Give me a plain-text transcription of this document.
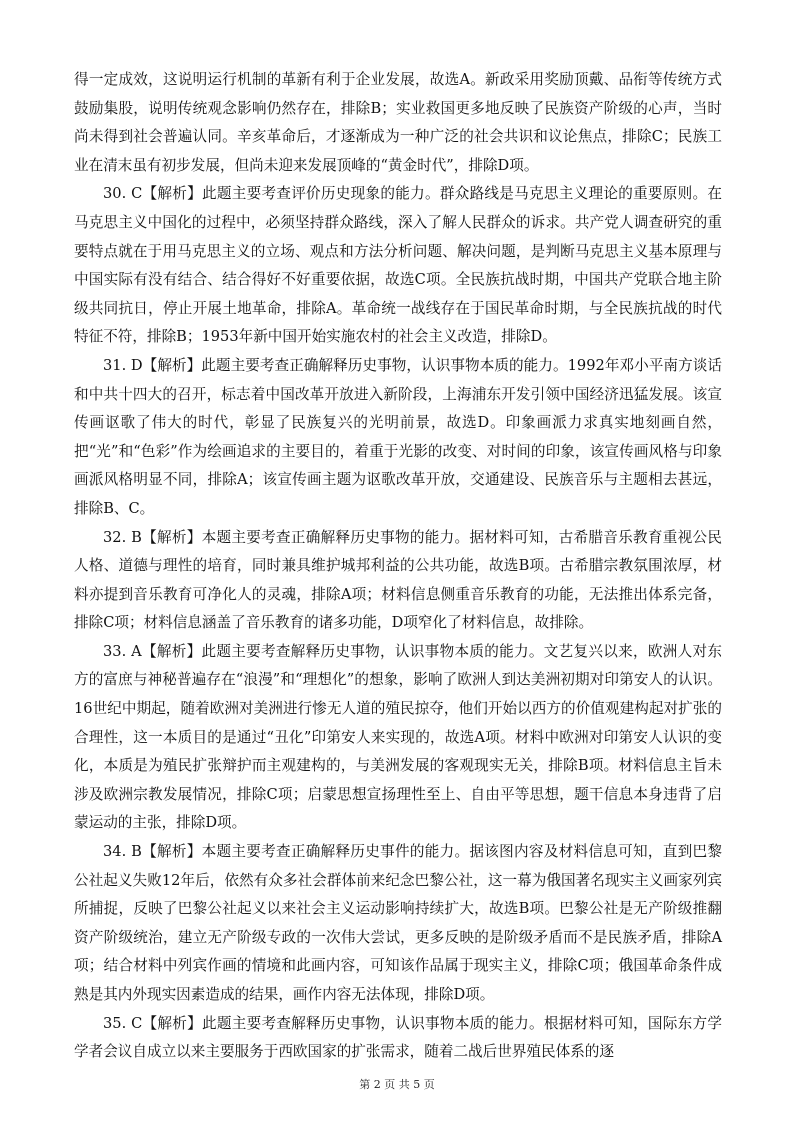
得一定成效，这说明运行机制的革新有利于企业发展，故选A。新政采用奖励顶戴、品衔等传统方式鼓励集股，说明传统观念影响仍然存在，排除B；实业救国更多地反映了民族资产阶级的心声，当时尚未得到社会普遍认同。辛亥革命后，才逐渐成为一种广泛的社会共识和议论焦点，排除C；民族工业在清末虽有初步发展，但尚未迎来发展顶峰的“黄金时代”，排除D项。

30. C【解析】此题主要考查评价历史现象的能力。群众路线是马克思主义理论的重要原则。在马克思主义中国化的过程中，必须坚持群众路线，深入了解人民群众的诉求。共产党人调查研究的重要特点就在于用马克思主义的立场、观点和方法分析问题、解决问题，是判断马克思主义基本原理与中国实际有没有结合、结合得好不好重要依据，故选C项。全民族抗战时期，中国共产党联合地主阶级共同抗日，停止开展土地革命，排除A。革命统一战线存在于国民革命时期，与全民族抗战的时代特征不符，排除B；1953年新中国开始实施农村的社会主义改造，排除D。

31. D【解析】此题主要考查正确解释历史事物，认识事物本质的能力。1992年邓小平南方谈话和中共十四大的召开，标志着中国改革开放进入新阶段，上海浦东开发引领中国经济迅猛发展。该宣传画讴歌了伟大的时代，彰显了民族复兴的光明前景，故选D。印象画派力求真实地刻画自然，把“光”和“色彩”作为绘画追求的主要目的，着重于光影的改变、对时间的印象，该宣传画风格与印象画派风格明显不同，排除A；该宣传画主题为讴歌改革开放，交通建设、民族音乐与主题相去甚远，排除B、C。

32. B【解析】本题主要考查正确解释历史事物的能力。据材料可知，古希腊音乐教育重视公民人格、道德与理性的培育，同时兼具维护城邦利益的公共功能，故选B项。古希腊宗教氛围浓厚，材料亦提到音乐教育可净化人的灵魂，排除A项；材料信息侧重音乐教育的功能，无法推出体系完备，排除C项；材料信息涵盖了音乐教育的诸多功能，D项窄化了材料信息，故排除。

33. A【解析】此题主要考查解释历史事物，认识事物本质的能力。文艺复兴以来，欧洲人对东方的富庶与神秘普遍存在“浪漫”和“理想化”的想象，影响了欧洲人到达美洲初期对印第安人的认识。16世纪中期起，随着欧洲对美洲进行惨无人道的殖民掠夺，他们开始以西方的价值观建构起对扩张的合理性，这一本质目的是通过“丑化”印第安人来实现的，故选A项。材料中欧洲对印第安人认识的变化，本质是为殖民扩张辩护而主观建构的，与美洲发展的客观现实无关，排除B项。材料信息主旨未涉及欧洲宗教发展情况，排除C项；启蒙思想宣扬理性至上、自由平等思想，题干信息本身违背了启蒙运动的主张，排除D项。

34. B【解析】本题主要考查正确解释历史事件的能力。据该图内容及材料信息可知，直到巴黎公社起义失败12年后，依然有众多社会群体前来纪念巴黎公社，这一幕为俄国著名现实主义画家列宾所捕捉，反映了巴黎公社起义以来社会主义运动影响持续扩大，故选B项。巴黎公社是无产阶级推翻资产阶级统治，建立无产阶级专政的一次伟大尝试，更多反映的是阶级矛盾而不是民族矛盾，排除A项；结合材料中列宾作画的情境和此画内容，可知该作品属于现实主义，排除C项；俄国革命条件成熟是其内外现实因素造成的结果，画作内容无法体现，排除D项。

35. C【解析】此题主要考查解释历史事物，认识事物本质的能力。根据材料可知，国际东方学学者会议自成立以来主要服务于西欧国家的扩张需求，随着二战后世界殖民体系的逐

第 2 页 共 5 页
